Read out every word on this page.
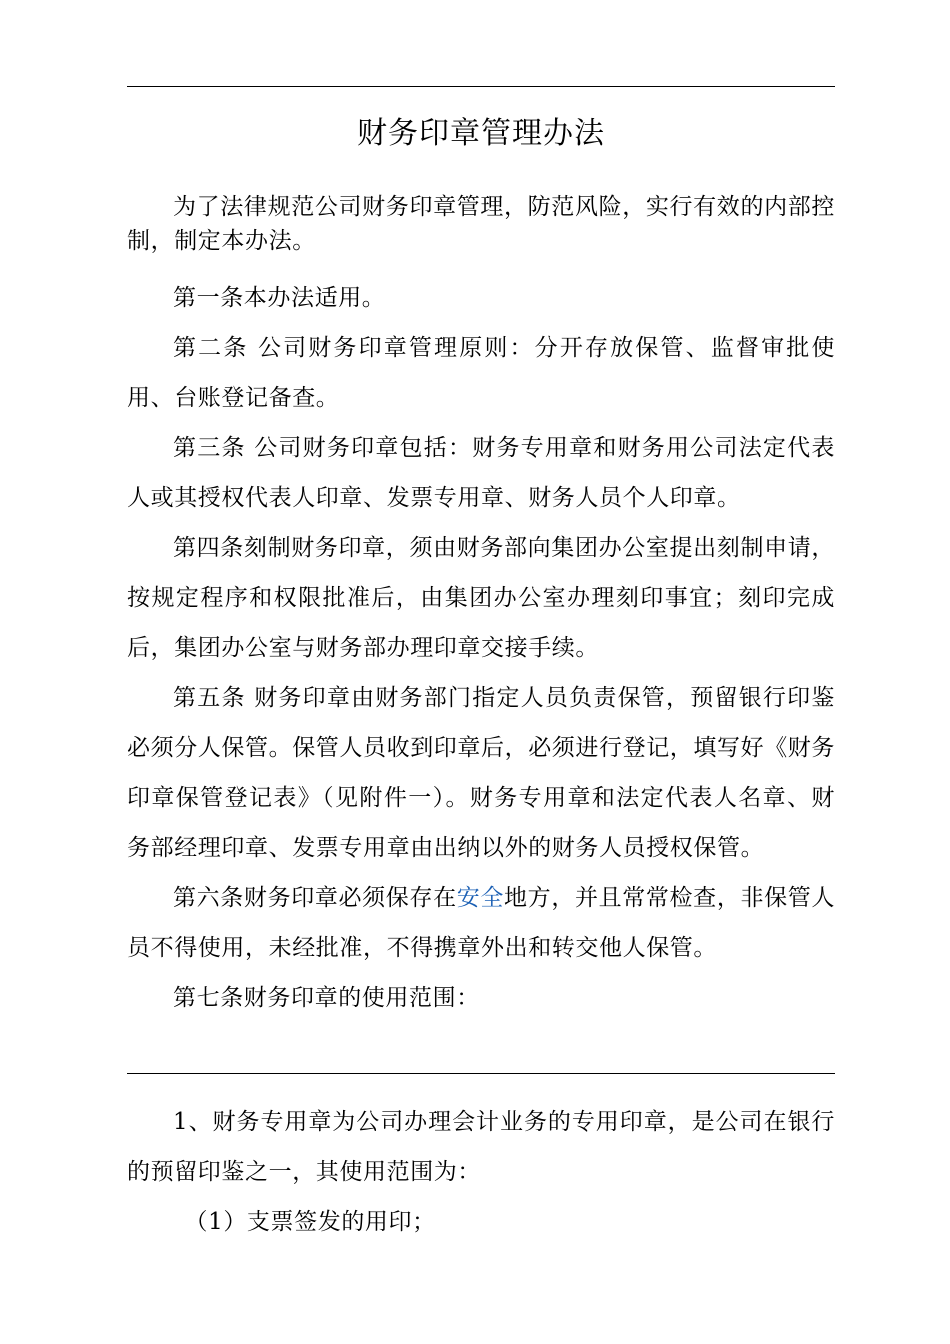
财务印章管理办法

为了法律规范公司财务印章管理，防范风险，实行有效的内部控制，制定本办法。

第一条本办法适用。

第二条 公司财务印章管理原则：分开存放保管、监督审批使用、台账登记备查。

第三条 公司财务印章包括：财务专用章和财务用公司法定代表人或其授权代表人印章、发票专用章、财务人员个人印章。

第四条刻制财务印章，须由财务部向集团办公室提出刻制申请，按规定程序和权限批准后，由集团办公室办理刻印事宜；刻印完成后，集团办公室与财务部办理印章交接手续。

第五条 财务印章由财务部门指定人员负责保管，预留银行印鉴必须分人保管。保管人员收到印章后，必须进行登记，填写好《财务印章保管登记表》（见附件一）。财务专用章和法定代表人名章、财务部经理印章、发票专用章由出纳以外的财务人员授权保管。

第六条财务印章必须保存在安全地方，并且常常检查，非保管人员不得使用，未经批准，不得携章外出和转交他人保管。

第七条财务印章的使用范围：

1、财务专用章为公司办理会计业务的专用印章，是公司在银行的预留印鉴之一，其使用范围为：

（1）支票签发的用印；
